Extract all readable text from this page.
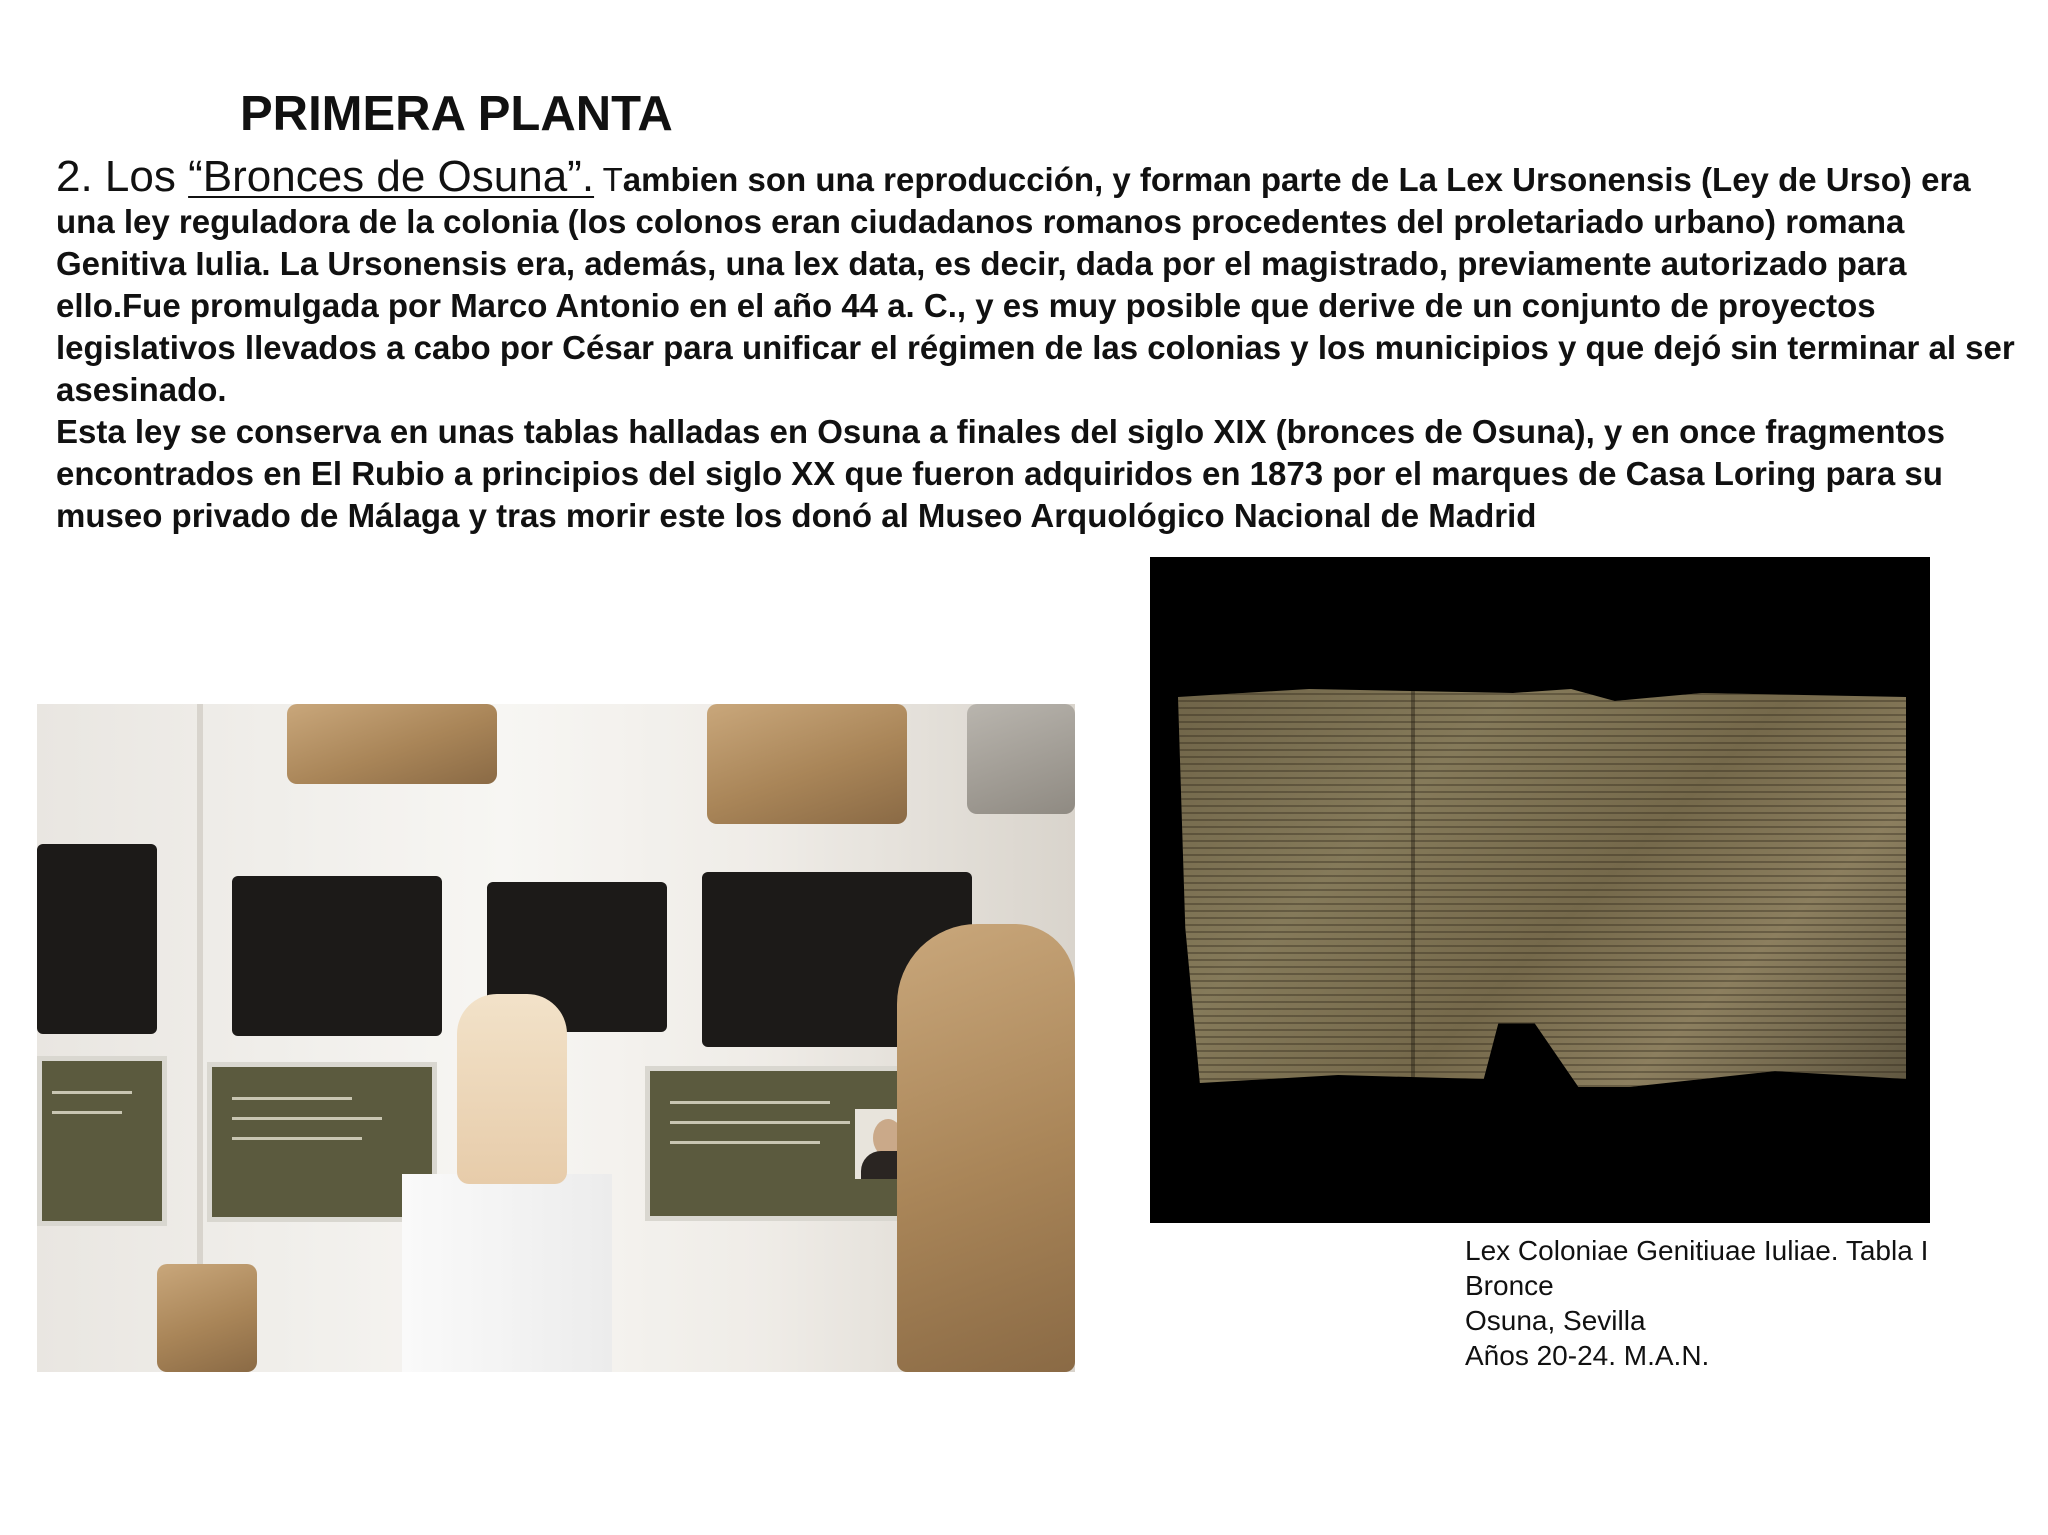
PRIMERA PLANTA

2. Los “Bronces de Osuna”. Tambien son una reproducción, y forman parte de La Lex Ursonensis (Ley de Urso) era una ley reguladora de la colonia (los colonos eran ciudadanos romanos procedentes del proletariado urbano) romana Genitiva Iulia. La Ursonensis era, además, una lex data, es decir, dada por el magistrado, previamente autorizado para ello.Fue promulgada por Marco Antonio en el año 44 a. C., y es muy posible que derive de un conjunto de proyectos legislativos llevados a cabo por César para unificar el régimen de las colonias y los municipios y que dejó sin terminar al ser asesinado.

Esta ley se conserva en unas tablas halladas en Osuna a finales del siglo XIX (bronces de Osuna), y en once fragmentos encontrados en El Rubio a principios del siglo XX que fueron adquiridos en 1873 por el marques de Casa Loring para su museo privado de Málaga y tras morir este los donó al Museo Arquológico Nacional de Madrid

Lex Coloniae Genitiuae Iuliae. Tabla I
Bronce
Osuna, Sevilla
Años 20-24. M.A.N.
